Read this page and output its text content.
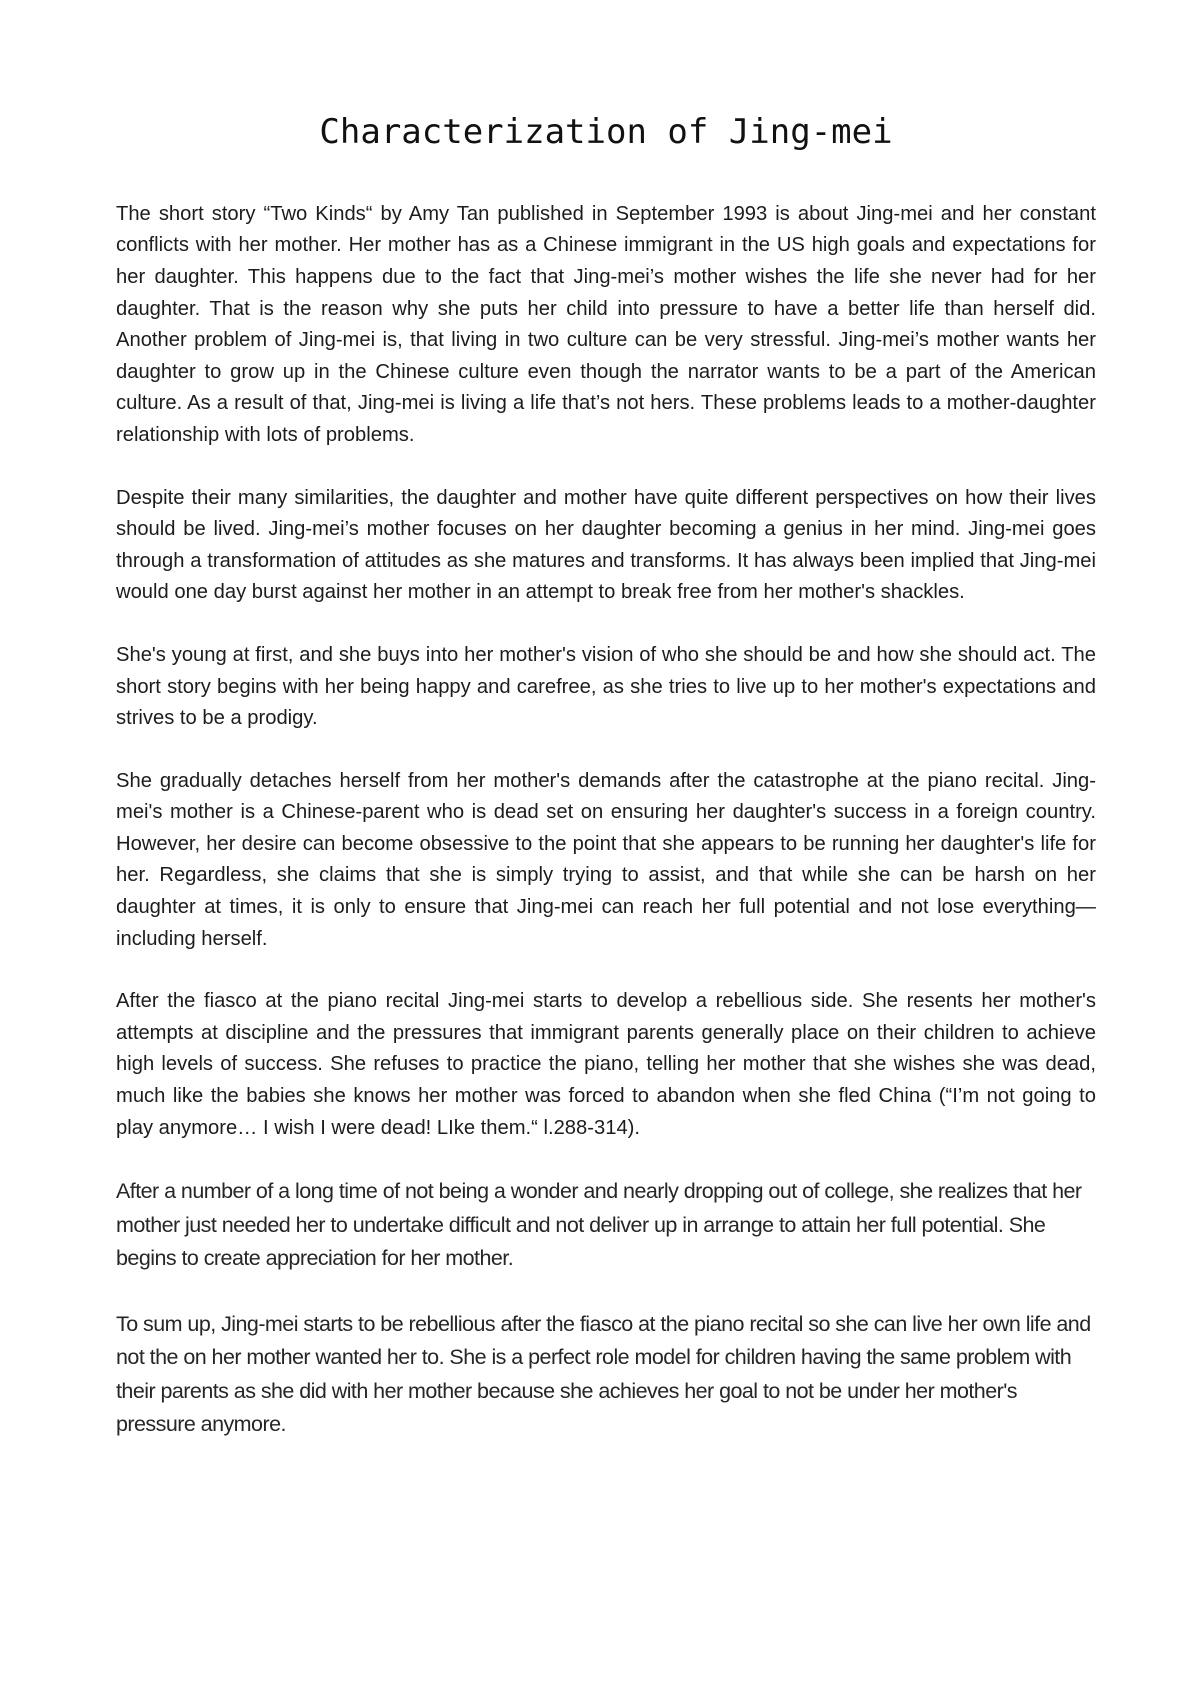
Characterization of Jing-mei

The short story “Two Kinds“ by Amy Tan published in September 1993 is about Jing-mei and her constant conflicts with her mother. Her mother has as a Chinese immigrant in the US high goals and expectations for her daughter. This happens due to the fact that Jing-mei’s mother wishes the life she never had for her daughter. That is the reason why she puts her child into pressure to have a better life than herself did. Another problem of Jing-mei is, that living in two culture can be very stressful. Jing-mei’s mother wants her daughter to grow up in the Chinese culture even though the narrator wants to be a part of the American culture. As a result of that, Jing-mei is living a life that’s not hers. These problems leads to a mother-daughter relationship with lots of problems.

Despite their many similarities, the daughter and mother have quite different perspectives on how their lives should be lived. Jing-mei’s mother focuses on her daughter becoming a genius in her mind. Jing-mei goes through a transformation of attitudes as she matures and transforms. It has always been implied that Jing-mei would one day burst against her mother in an attempt to break free from her mother's shackles.

She's young at first, and she buys into her mother's vision of who she should be and how she should act. The short story begins with her being happy and carefree, as she tries to live up to her mother's expectations and strives to be a prodigy.

She gradually detaches herself from her mother's demands after the catastrophe at the piano recital. Jing-mei's mother is a Chinese-parent who is dead set on ensuring her daughter's success in a foreign country. However, her desire can become obsessive to the point that she appears to be running her daughter's life for her. Regardless, she claims that she is simply trying to assist, and that while she can be harsh on her daughter at times, it is only to ensure that Jing-mei can reach her full potential and not lose everything—including herself.

After the fiasco at the piano recital Jing-mei starts to develop a rebellious side. She resents her mother's attempts at discipline and the pressures that immigrant parents generally place on their children to achieve high levels of success. She refuses to practice the piano, telling her mother that she wishes she was dead, much like the babies she knows her mother was forced to abandon when she fled China (“I’m not going to play anymore… I wish I were dead! LIke them.“ l.288-314).

After a number of a long time of not being a wonder and nearly dropping out of college, she realizes that her mother just needed her to undertake difficult and not deliver up in arrange to attain her full potential. She begins to create appreciation for her mother.

To sum up, Jing-mei starts to be rebellious after the fiasco at the piano recital so she can live her own life and not the on her mother wanted her to. She is a perfect role model for children having the same problem with their parents as she did with her mother because she achieves her goal to not be under her mother's pressure anymore.
